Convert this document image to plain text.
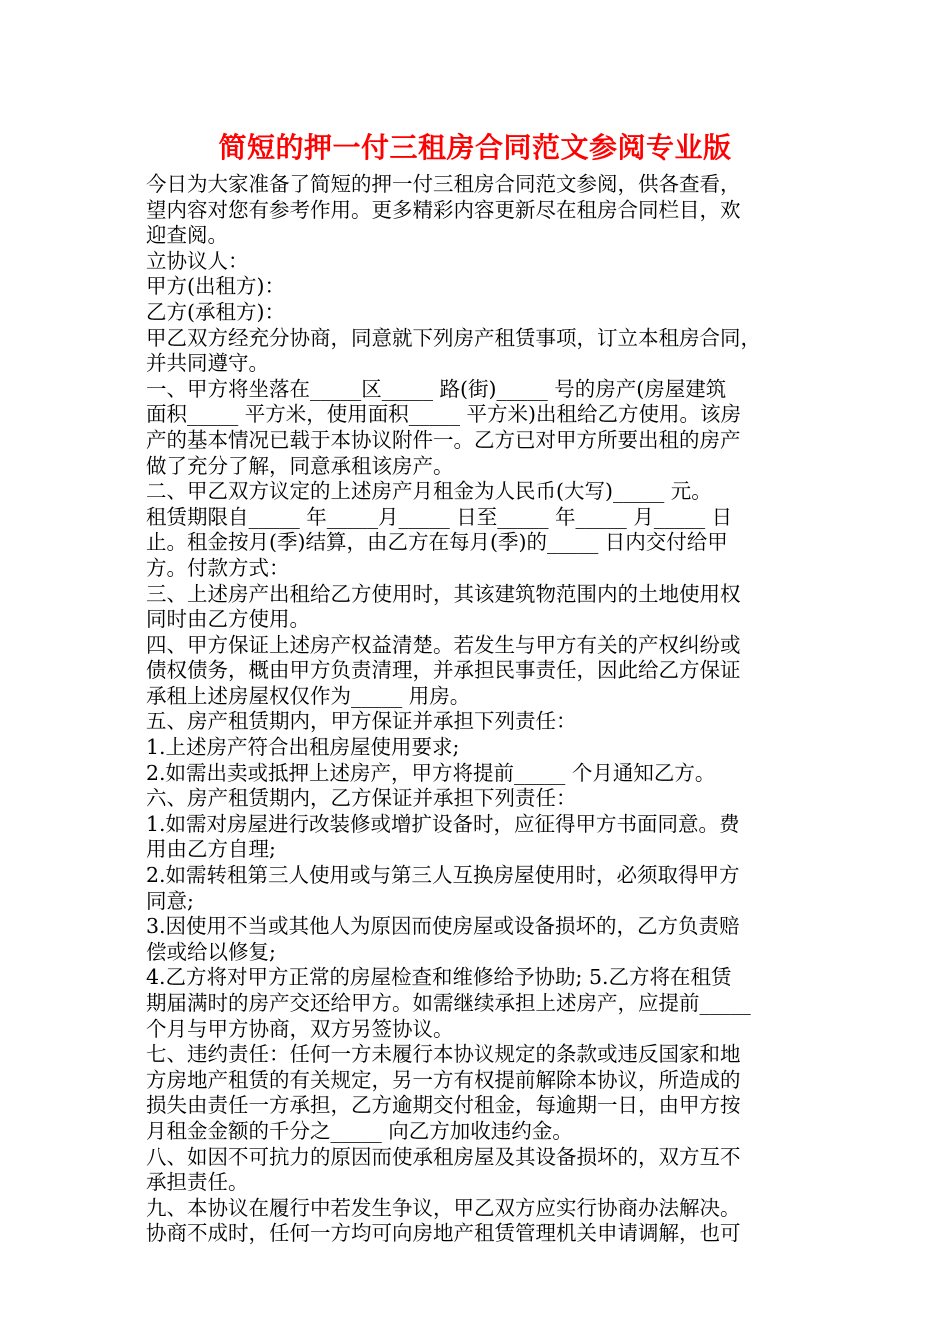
简短的押一付三租房合同范文参阅专业版
今日为大家准备了简短的押一付三租房合同范文参阅，供各查看，
望内容对您有参考作用。更多精彩内容更新尽在租房合同栏目，欢
迎查阅。
立协议人：
甲方(出租方)：
乙方(承租方)：
甲乙双方经充分协商，同意就下列房产租赁事项，订立本租房合同，
并共同遵守。
一、甲方将坐落在_____区_____ 路(街)_____ 号的房产(房屋建筑
面积_____ 平方米，使用面积_____ 平方米)出租给乙方使用。该房
产的基本情况已载于本协议附件一。乙方已对甲方所要出租的房产
做了充分了解，同意承租该房产。
二、甲乙双方议定的上述房产月租金为人民币(大写)_____ 元。
租赁期限自_____ 年_____月_____ 日至_____ 年_____ 月_____ 日
止。租金按月(季)结算，由乙方在每月(季)的_____ 日内交付给甲
方。付款方式：
三、上述房产出租给乙方使用时，其该建筑物范围内的土地使用权
同时由乙方使用。
四、甲方保证上述房产权益清楚。若发生与甲方有关的产权纠纷或
债权债务，概由甲方负责清理，并承担民事责任，因此给乙方保证
承租上述房屋权仅作为_____ 用房。
五、房产租赁期内，甲方保证并承担下列责任：
1.上述房产符合出租房屋使用要求;
2.如需出卖或抵押上述房产，甲方将提前_____ 个月通知乙方。
六、房产租赁期内，乙方保证并承担下列责任：
1.如需对房屋进行改装修或增扩设备时，应征得甲方书面同意。费
用由乙方自理;
2.如需转租第三人使用或与第三人互换房屋使用时，必须取得甲方
同意;
3.因使用不当或其他人为原因而使房屋或设备损坏的，乙方负责赔
偿或给以修复;
4.乙方将对甲方正常的房屋检查和维修给予协助; 5.乙方将在租赁
期届满时的房产交还给甲方。如需继续承担上述房产，应提前_____
个月与甲方协商，双方另签协议。
七、违约责任：任何一方未履行本协议规定的条款或违反国家和地
方房地产租赁的有关规定，另一方有权提前解除本协议，所造成的
损失由责任一方承担，乙方逾期交付租金，每逾期一日，由甲方按
月租金金额的千分之_____ 向乙方加收违约金。
八、如因不可抗力的原因而使承租房屋及其设备损坏的，双方互不
承担责任。
九、本协议在履行中若发生争议，甲乙双方应实行协商办法解决。
协商不成时，任何一方均可向房地产租赁管理机关申请调解，也可
